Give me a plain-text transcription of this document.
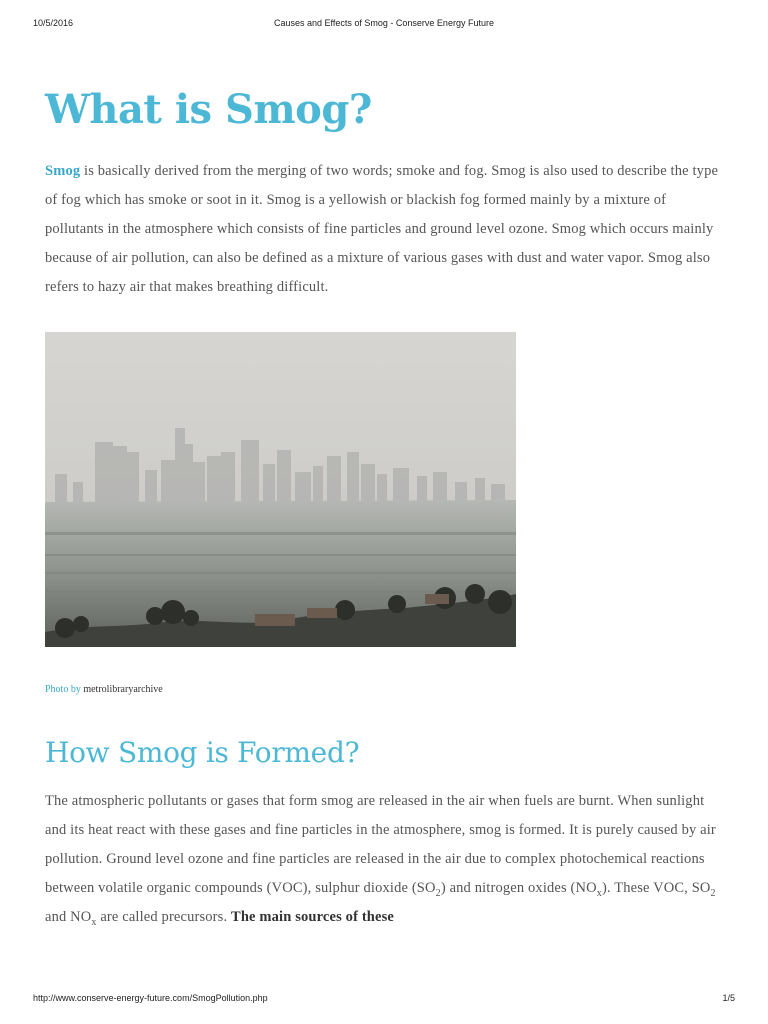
10/5/2016	Causes and Effects of Smog - Conserve Energy Future
What is Smog?

Smog is basically derived from the merging of two words; smoke and fog. Smog is also used to describe the type of fog which has smoke or soot in it. Smog is a yellowish or blackish fog formed mainly by a mixture of pollutants in the atmosphere which consists of fine particles and ground level ozone. Smog which occurs mainly because of air pollution, can also be defined as a mixture of various gases with dust and water vapor. Smog also refers to hazy air that makes breathing difficult.

Photo by metrolibraryarchive
How Smog is Formed?

The atmospheric pollutants or gases that form smog are released in the air when fuels are burnt. When sunlight and its heat react with these gases and fine particles in the atmosphere, smog is formed. It is purely caused by air pollution. Ground level ozone and fine particles are released in the air due to complex photochemical reactions between volatile organic compounds (VOC), sulphur dioxide $(SO_2)$ and nitrogen oxides $(NO_x)$. These VOC, $SO_2$ and $NO_x$ are called precursors. The main sources of these

http://www.conserve-energy-future.com/SmogPollution.php	1/5
